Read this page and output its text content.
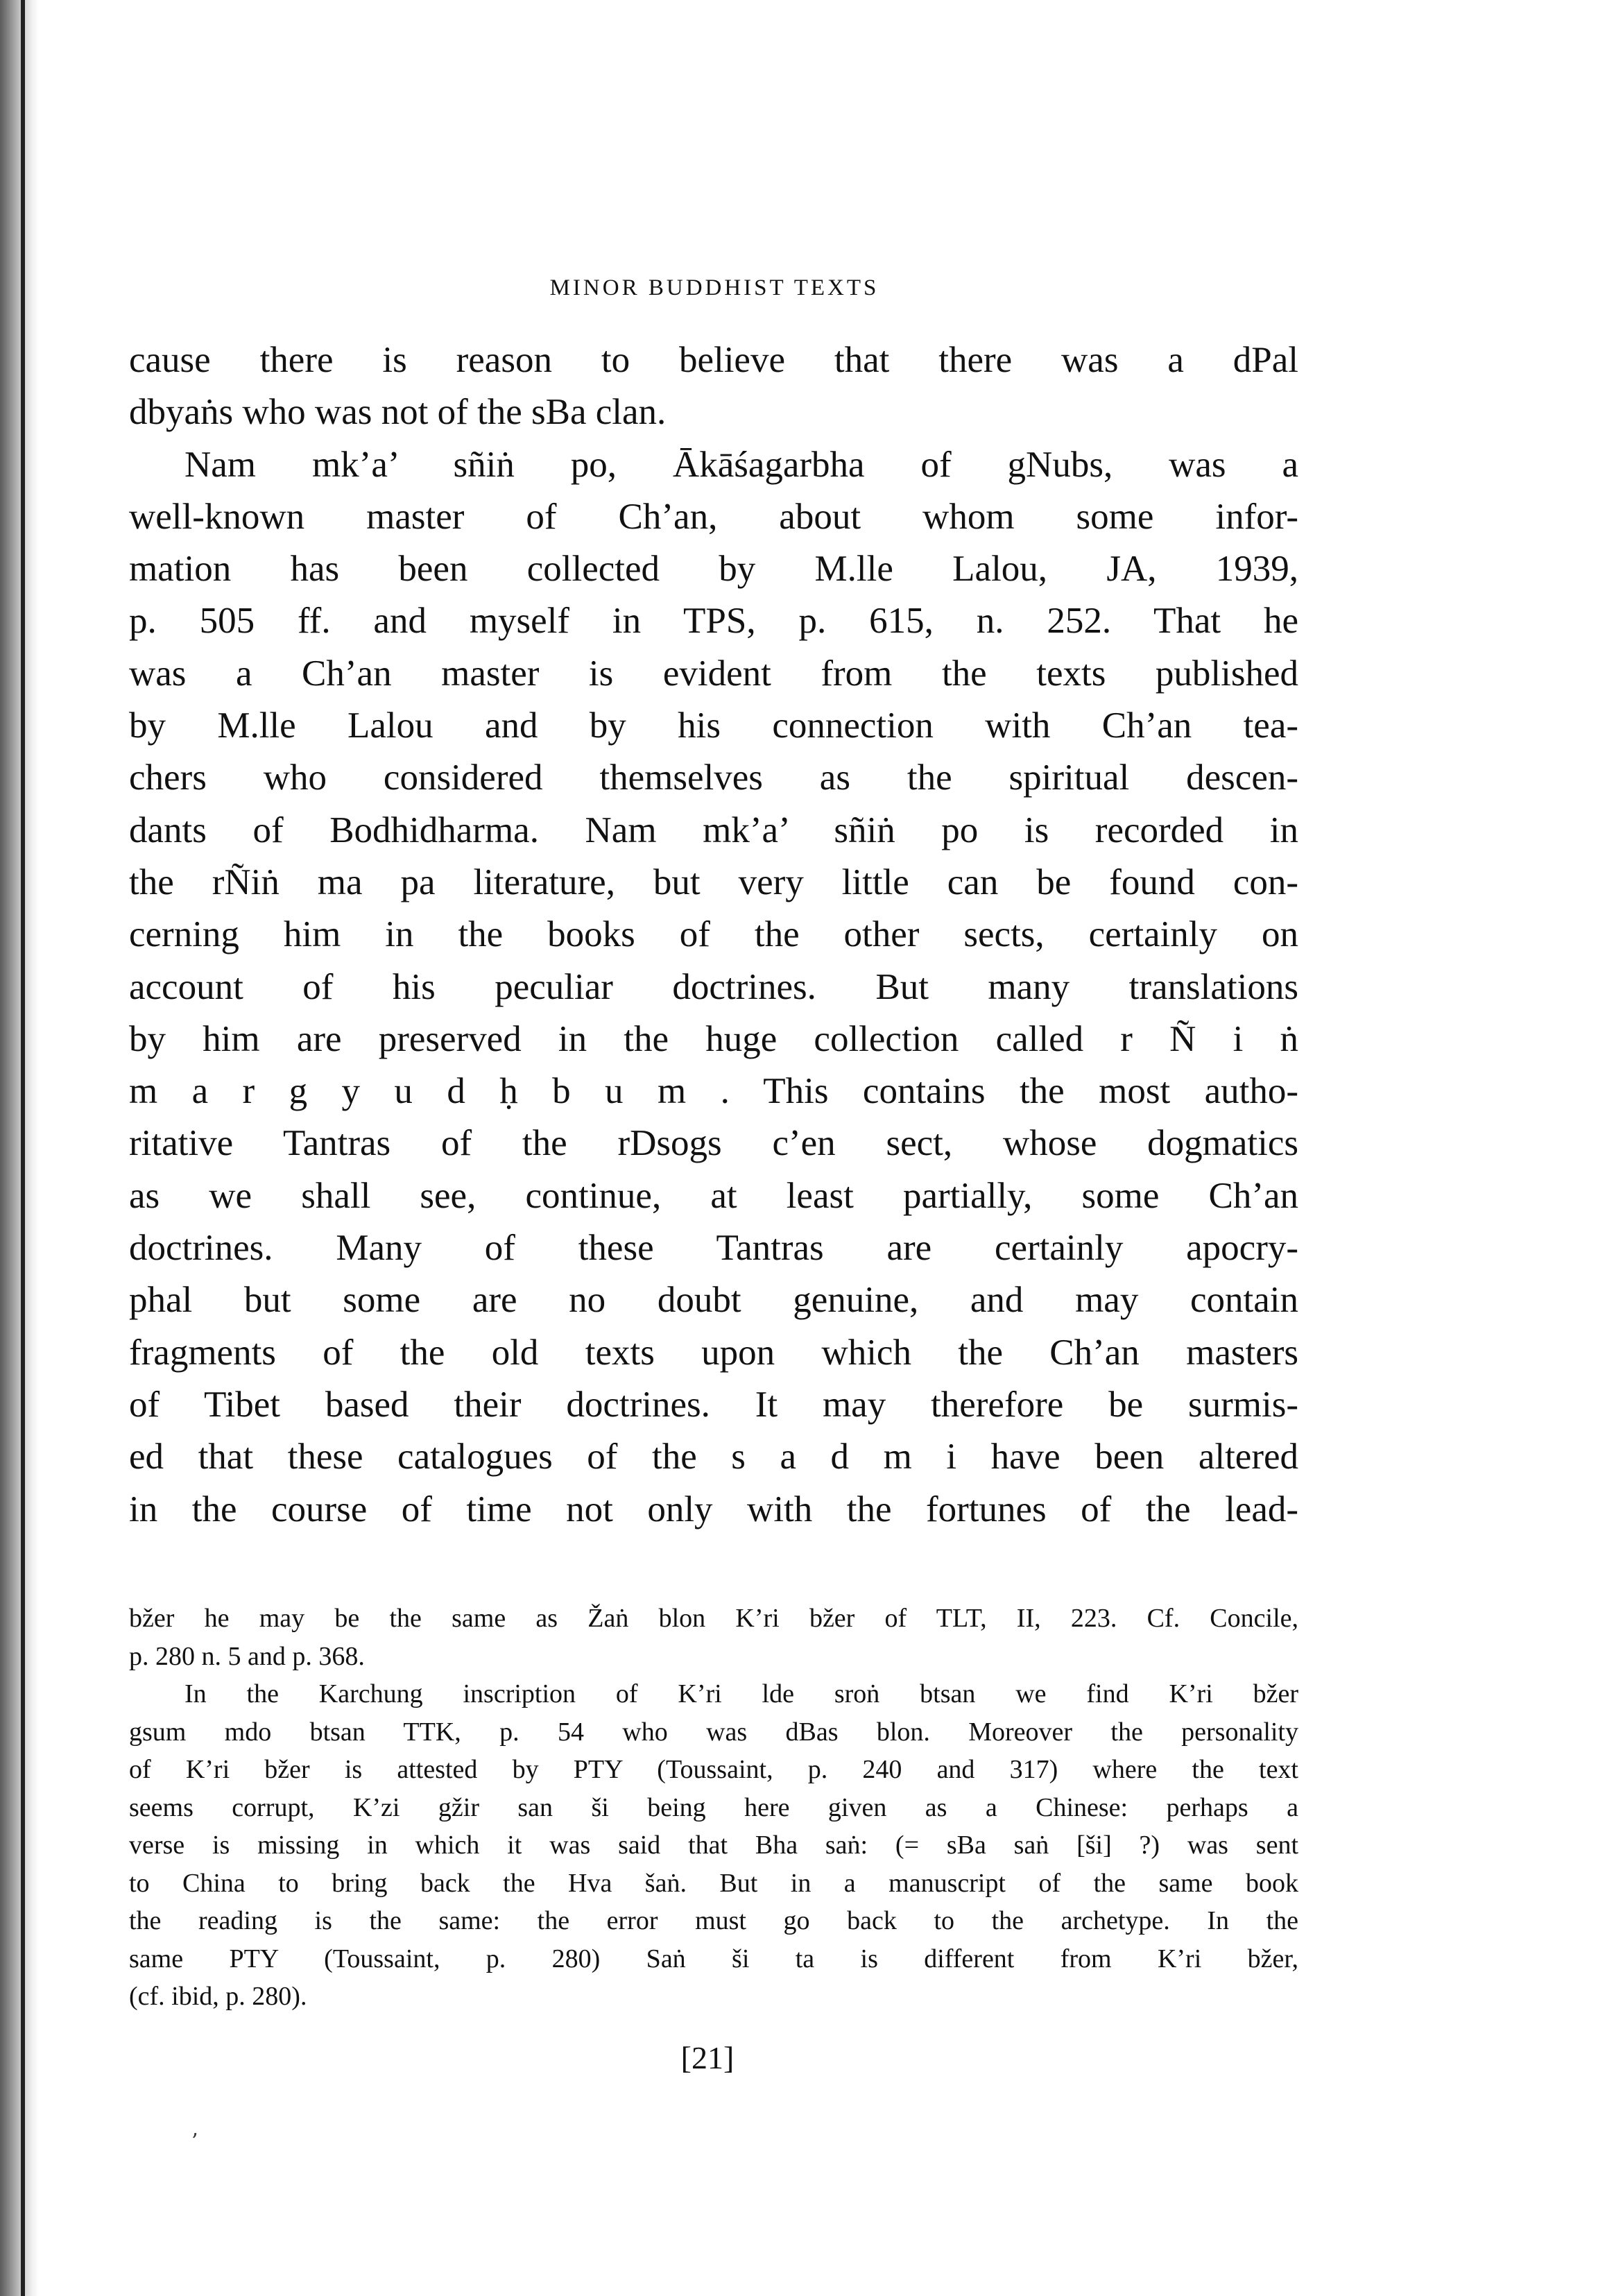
MINOR BUDDHIST TEXTS

cause there is reason to believe that there was a dPal
dbyaṅs who was not of the sBa clan.

Nam mk’a’ sñiṅ po, Ākāśagarbha of gNubs, was a
well-known master of Ch’an, about whom some infor-
mation has been collected by M.lle Lalou, JA, 1939,
p. 505 ff. and myself in TPS, p. 615, n. 252. That he
was a Ch’an master is evident from the texts published
by M.lle Lalou and by his connection with Ch’an tea-
chers who considered themselves as the spiritual descen-
dants of Bodhidharma. Nam mk’a’ sñiṅ po is recorded in
the rÑiṅ ma pa literature, but very little can be found con-
cerning him in the books of the other sects, certainly on
account of his peculiar doctrines. But many translations
by him are preserved in the huge collection called r Ñ i ṅ
m a r g y u d ḥ b u m . This contains the most autho-
ritative Tantras of the rDsogs c’en sect, whose dogmatics
as we shall see, continue, at least partially, some Ch’an
doctrines. Many of these Tantras are certainly apocry-
phal but some are no doubt genuine, and may contain
fragments of the old texts upon which the Ch’an masters
of Tibet based their doctrines. It may therefore be surmis-
ed that these catalogues of the s a d m i have been altered
in the course of time not only with the fortunes of the lead-

bžer he may be the same as Žaṅ blon K’ri bžer of TLT, II, 223. Cf. Concile,
p. 280 n. 5 and p. 368.
In the Karchung inscription of K’ri lde sroṅ btsan we find K’ri bžer
gsum mdo btsan TTK, p. 54 who was dBas blon. Moreover the personality
of K’ri bžer is attested by PTY (Toussaint, p. 240 and 317) where the text
seems corrupt, K’zi gžir san ši being here given as a Chinese: perhaps a
verse is missing in which it was said that Bha saṅ: (= sBa saṅ [ši] ?) was sent
to China to bring back the Hva šaṅ. But in a manuscript of the same book
the reading is the same: the error must go back to the archetype. In the
same PTY (Toussaint, p. 280) Saṅ ši ta is different from K’ri bžer,
(cf. ibid, p. 280).
[21]
’
